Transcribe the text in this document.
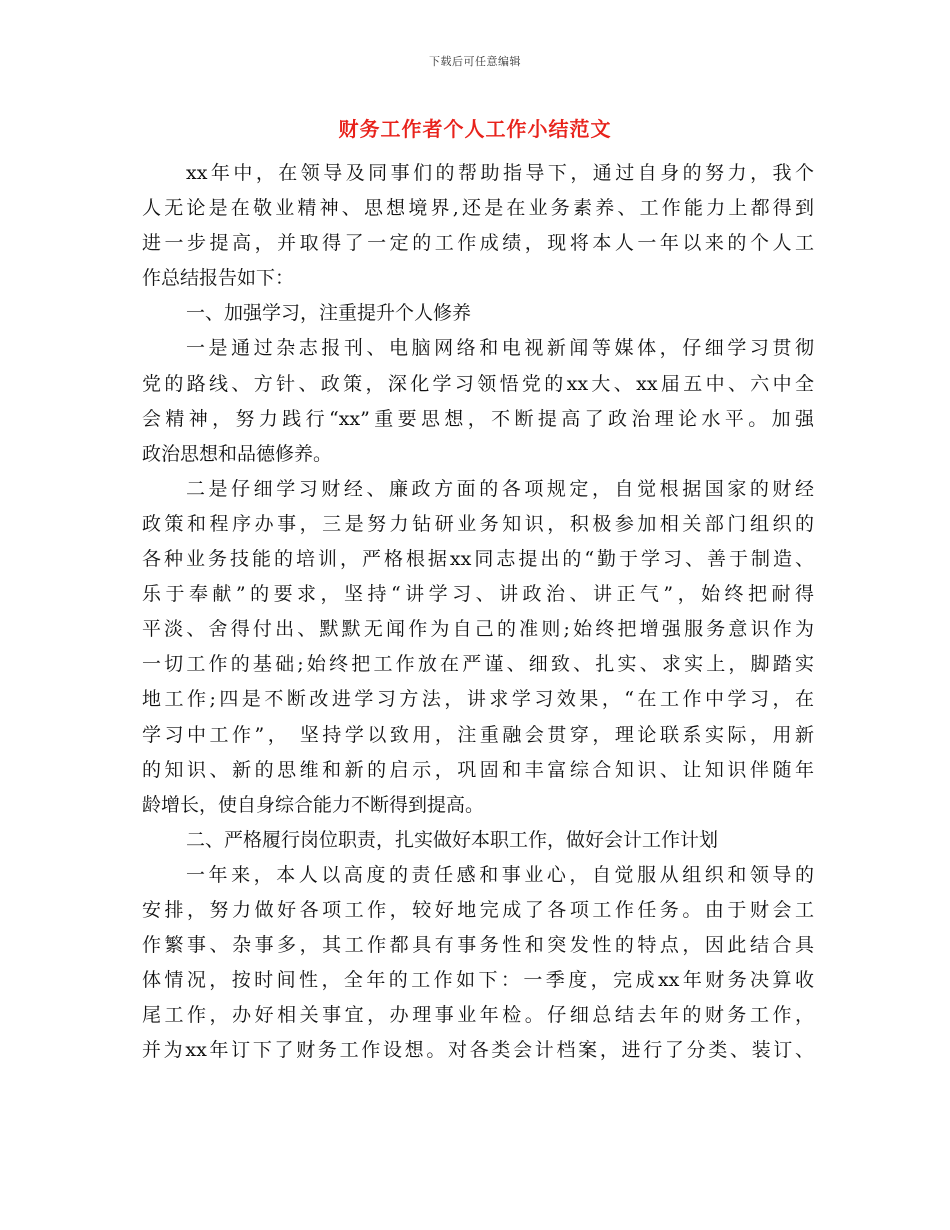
下载后可任意编辑
财务工作者个人工作小结范文
xx年中，在领导及同事们的帮助指导下，通过自身的努力，我个
人无论是在敬业精神、思想境界,还是在业务素养、工作能力上都得到
进一步提高，并取得了一定的工作成绩，现将本人一年以来的个人工
作总结报告如下：
一、加强学习，注重提升个人修养
一是通过杂志报刊、电脑网络和电视新闻等媒体，仔细学习贯彻
党的路线、方针、政策，深化学习领悟党的xx大、xx届五中、六中全
会精神，努力践行“xx”重要思想，不断提高了政治理论水平。加强
政治思想和品德修养。
二是仔细学习财经、廉政方面的各项规定，自觉根据国家的财经
政策和程序办事，三是努力钻研业务知识，积极参加相关部门组织的
各种业务技能的培训，严格根据xx同志提出的“勤于学习、善于制造、
乐于奉献”的要求，坚持“讲学习、讲政治、讲正气”，始终把耐得
平淡、舍得付出、默默无闻作为自己的准则;始终把增强服务意识作为
一切工作的基础;始终把工作放在严谨、细致、扎实、求实上，脚踏实
地工作;四是不断改进学习方法，讲求学习效果，“在工作中学习，在
学习中工作”， 坚持学以致用，注重融会贯穿，理论联系实际，用新
的知识、新的思维和新的启示，巩固和丰富综合知识、让知识伴随年
龄增长，使自身综合能力不断得到提高。
二、严格履行岗位职责，扎实做好本职工作，做好会计工作计划
一年来，本人以高度的责任感和事业心，自觉服从组织和领导的
安排，努力做好各项工作，较好地完成了各项工作任务。由于财会工
作繁事、杂事多，其工作都具有事务性和突发性的特点，因此结合具
体情况，按时间性，全年的工作如下：一季度，完成xx年财务决算收
尾工作，办好相关事宜，办理事业年检。仔细总结去年的财务工作，
并为xx年订下了财务工作设想。对各类会计档案，进行了分类、装订、
